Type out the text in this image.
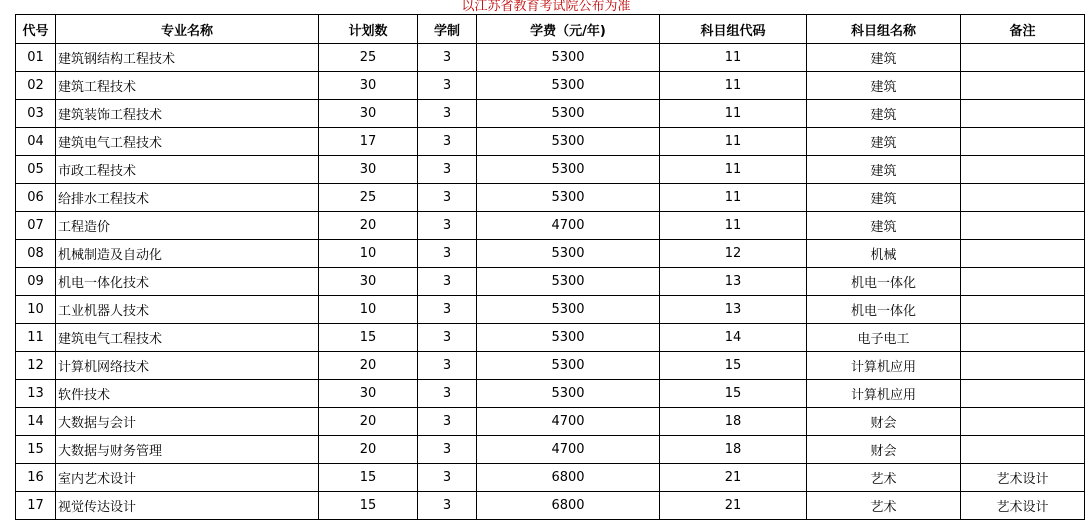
以江苏省教育考试院公布为准
代号	专业名称	计划数	学制	学费（元/年)	科目组代码	科目组名称	备注
01	建筑钢结构工程技术	25	3	5300	11	建筑	
02	建筑工程技术	30	3	5300	11	建筑	
03	建筑装饰工程技术	30	3	5300	11	建筑	
04	建筑电气工程技术	17	3	5300	11	建筑	
05	市政工程技术	30	3	5300	11	建筑	
06	给排水工程技术	25	3	5300	11	建筑	
07	工程造价	20	3	4700	11	建筑	
08	机械制造及自动化	10	3	5300	12	机械	
09	机电一体化技术	30	3	5300	13	机电一体化	
10	工业机器人技术	10	3	5300	13	机电一体化	
11	建筑电气工程技术	15	3	5300	14	电子电工	
12	计算机网络技术	20	3	5300	15	计算机应用	
13	软件技术	30	3	5300	15	计算机应用	
14	大数据与会计	20	3	4700	18	财会	
15	大数据与财务管理	20	3	4700	18	财会	
16	室内艺术设计	15	3	6800	21	艺术	艺术设计
17	视觉传达设计	15	3	6800	21	艺术	艺术设计
